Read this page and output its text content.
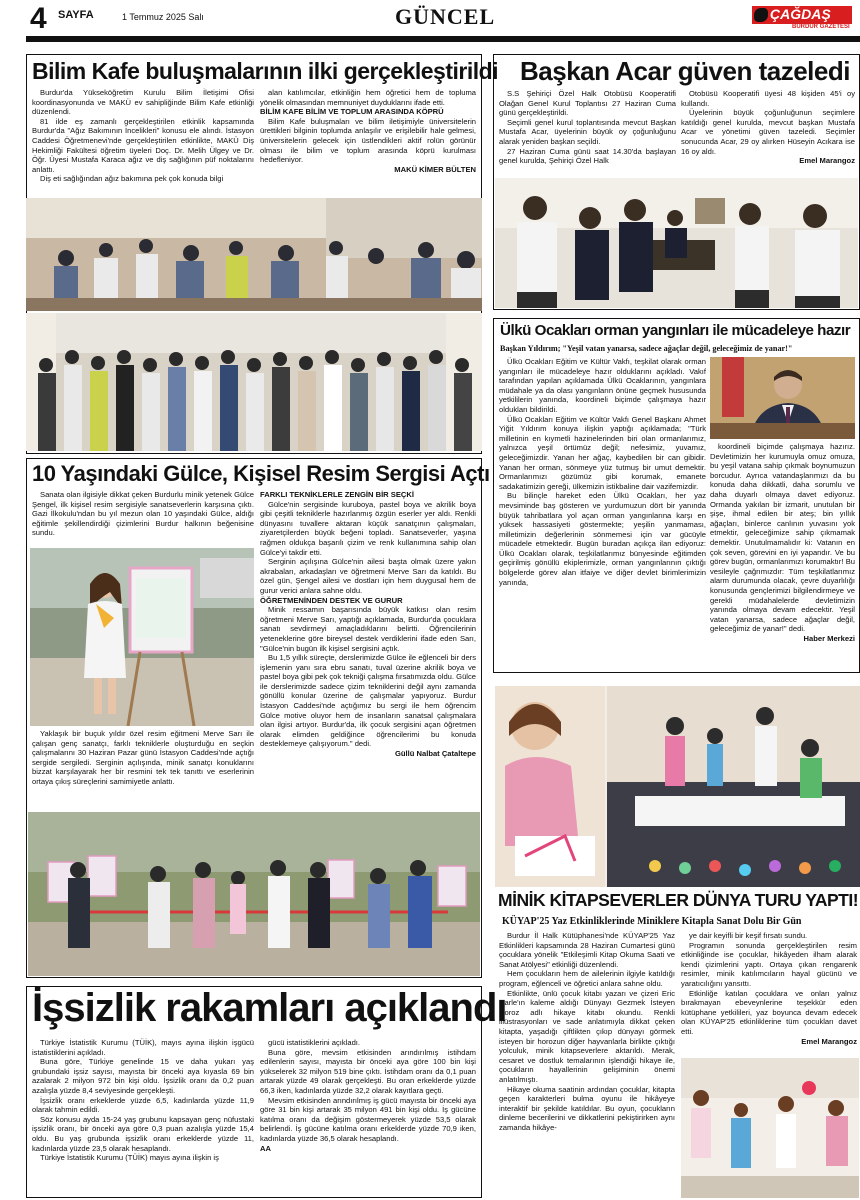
4 SAYFA	1 Temmuz 2025 Salı	GÜNCEL	ÇAĞDAŞ
BURDUR GAZETESİ
Bilim Kafe buluşmalarının ilki gerçekleştirildi

Burdur'da Yükseköğretim Kurulu Bilim İletişimi Ofisi koordinasyonunda ve MAKÜ ev sahipliğinde Bilim Kafe etkinliği düzenlendi.

81 ilde eş zamanlı gerçekleştirilen etkinlik kapsamında Burdur'da "Ağız Bakımının İncelikleri" konusu ele alındı. İstasyon Caddesi Öğretmenevi'nde gerçekleştirilen etkinlikte, MAKÜ Diş Hekimliği Fakültesi öğretim üyeleri Doç. Dr. Melih Ülgey ve Dr. Öğr. Üyesi Mustafa Karaca ağız ve diş sağlığının püf noktalarını anlattı.

Diş eti sağlığından ağız bakımına pek çok konuda bilgi

alan katılımcılar, etkinliğin hem öğretici hem de topluma yönelik olmasından memnuniyet duyduklarını ifade etti.

BİLİM KAFE BİLİM VE TOPLUM ARASINDA KÖPRÜ

Bilim Kafe buluşmaları ve bilim iletişimiyle üniversitelerin ürettikleri bilginin toplumda anlaşılır ve erişilebilir hale gelmesi, üniversitelerin gelecek için üstlendikleri aktif rolün görünür olması ile bilim ve toplum arasında köprü kurulması hedefleniyor.

MAKÜ KİMER BÜLTEN
Başkan Acar güven tazeledi

S.S Şehiriçi Özel Halk Otobüsü Kooperatifi Olağan Genel Kurul Toplantısı 27 Haziran Cuma günü gerçekleştirildi.

Seçimli genel kurul toplantısında mevcut Başkan Mustafa Acar, üyelerinin büyük oy çoğunluğunu alarak yeniden başkan seçildi.

27 Haziran Cuma günü saat 14.30'da başlayan genel kurulda, Şehiriçi Özel Halk

Otobüsü Kooperatifi üyesi 48 kişiden 45'i oy kullandı.

Üyelerinin büyük çoğunluğunun seçimlere katıldığı genel kurulda, mevcut başkan Mustafa Acar ve yönetimi güven tazeledi. Seçimler sonucunda Acar, 29 oy alırken Hüseyin Acıkara ise 16 oy aldı.

Emel Marangoz
Ülkü Ocakları orman yangınları ile mücadeleye hazır
Başkan Yıldırım; "Yeşil vatan yanarsa, sadece ağaçlar değil, geleceğimiz de yanar!"

Ülkü Ocakları Eğitim ve Kültür Vakfı, teşkilat olarak orman yangınları ile mücadeleye hazır olduklarını açıkladı. Vakıf tarafından yapılan açıklamada Ülkü Ocaklarının, yangınlara müdahale ya da olası yangınların önüne geçmek hususunda yetkililerin yanında, koordineli biçimde çalışmaya hazır oldukları bildirildi.

Ülkü Ocakları Eğitim ve Kültür Vakfı Genel Başkanı Ahmet Yiğit Yıldırım konuya ilişkin yaptığı açıklamada; "Türk milletinin en kıymetli hazinelerinden biri olan ormanlarımız, yalnızca yeşil örtümüz değil; nefesimiz, yuvamız, geleceğimizdir. Yanan her ağaç, kaybedilen bir can gibidir. Yanan her orman, sönmeye yüz tutmuş bir umut demektir. Ormanlarımızı gözümüz gibi korumak, emanete sadakatimizin gereği, ülkemizin istikbaline dair vazifemizdir.

Bu bilinçle hareket eden Ülkü Ocakları, her yaz mevsiminde baş gösteren ve yurdumuzun dört bir yanında büyük tahribatlara yol açan orman yangınlarına karşı en yüksek hassasiyeti göstermekte; yeşilin yanmaması, milletimizin değerlerinin sönmemesi için var gücüyle mücadele etmektedir. Bugün buradan açıkça ilan ediyoruz: Ülkü Ocakları olarak, teşkilatlarımız bünyesinde eğitimden geçirilmiş gönüllü ekiplerimizle, orman yangınlarının çıktığı bölgelerde görev alan itfaiye ve diğer devlet birimlerimizin yanında,

koordineli biçimde çalışmaya hazırız. Devletimizin her kurumuyla omuz omuza, bu yeşil vatana sahip çıkmak boynumuzun borcudur. Ayrıca vatandaşlarımızı da bu konuda daha dikkatli, daha sorumlu ve daha duyarlı olmaya davet ediyoruz. Ormanda yakılan bir izmarit, unutulan bir şişe, ihmal edilen bir ateş; bin yıllık ağaçları, binlerce canlının yuvasını yok etmektir, geleceğimize sahip çıkmamak demektir. Unutulmamalıdır ki: Vatanın en çok seven, görevini en iyi yapandır. Ve bu görev bugün, ormanlarımızı korumaktır! Bu vesileyle çağrımızdır: Tüm teşkilatlarımız alarm durumunda olacak, çevre duyarlılığı konusunda gençlerimizi bilgilendirmeye ve gerekli müdahalelerde devletimizin yanında olmaya devam edecektir. Yeşil vatan yanarsa, sadece ağaçlar değil, geleceğimiz de yanar!" dedi.

Haber Merkezi
10 Yaşındaki Gülce, Kişisel Resim Sergisi Açtı

Sanata olan ilgisiyle dikkat çeken Burdurlu minik yetenek Gülce Şengel, ilk kişisel resim sergisiyle sanatseverlerin karşısına çıktı. Gazi İlkokulu'ndan bu yıl mezun olan 10 yaşındaki Gülce, aldığı eğitimle şekillendirdiği çizimlerini Burdur halkının beğenisine sundu.

Yaklaşık bir buçuk yıldır özel resim eğitmeni Merve Sarı ile çalışan genç sanatçı, farklı tekniklerle oluşturduğu en seçkin çalışmalarını 30 Haziran Pazar günü İstasyon Caddesi'nde açtığı sergide sergiledi. Serginin açılışında, minik sanatçı konuklarını bizzat karşılayarak her bir resmini tek tek tanıttı ve eserlerinin ortaya çıkış süreçlerini samimiyetle anlattı.

FARKLI TEKNİKLERLE ZENGİN BİR SEÇKİ

Gülce'nin sergisinde kuruboya, pastel boya ve akrilik boya gibi çeşitli tekniklerle hazırlanmış özgün eserler yer aldı. Renkli dünyasını tuvallere aktaran küçük sanatçının çalışmaları, ziyaretçilerden büyük beğeni topladı. Sanatseverler, yaşına rağmen oldukça başarılı çizim ve renk kullanımına sahip olan Gülce'yi takdir etti.

Serginin açılışına Gülce'nin ailesi başta olmak üzere yakın akrabaları, arkadaşları ve öğretmeni Merve Sarı da katıldı. Bu özel gün, Şengel ailesi ve dostları için hem duygusal hem de gurur verici anlara sahne oldu.

ÖĞRETMENİNDEN DESTEK VE GURUR

Minik ressamın başarısında büyük katkısı olan resim öğretmeni Merve Sarı, yaptığı açıklamada, Burdur'da çocuklara sanatı sevdirmeyi amaçladıklarını belirtti. Öğrencilerinin yeteneklerine göre bireysel destek verdiklerini ifade eden Sarı, "Gülce'nin bugün ilk kişisel sergisini açtık.

Bu 1,5 yıllık süreçte, derslerimizde Gülce ile eğlenceli bir ders işlemenin yanı sıra ebru sanatı, tuval üzerine akrilik boya ve pastel boya gibi pek çok tekniği çalışma fırsatımızda oldu. Gülce ile derslerimizde sadece çizim tekniklerini değil aynı zamanda gönüllü konular üzerine de çalışmalar yapıyoruz. Burdur İstasyon Caddesi'nde açtığımız bu sergi ile hem öğrencim Gülce motive oluyor hem de insanların sanatsal çalışmalara olan ilgisi artıyor. Burdur'da, ilk çocuk sergisini açan öğretmen olarak elimden geldiğince öğrencilerimi bu konuda desteklemeye çalışıyorum." dedi.

Güllü Nalbat Çataltepe
MİNİK KİTAPSEVERLER DÜNYA TURU YAPTI!
KÜYAP'25 Yaz Etkinliklerinde Miniklere Kitapla Sanat Dolu Bir Gün

Burdur İl Halk Kütüphanesi'nde KÜYAP'25 Yaz Etkinlikleri kapsamında 28 Haziran Cumartesi günü çocuklara yönelik "Etkileşimli Kitap Okuma Saati ve Sanat Atölyesi" etkinliği düzenlendi.

Hem çocukların hem de ailelerinin ilgiyle katıldığı program, eğlenceli ve öğretici anlara sahne oldu.

Etkinlikte, ünlü çocuk kitabı yazarı ve çizeri Eric Carle'ın kaleme aldığı Dünyayı Gezmek İsteyen Horoz adlı hikaye kitabı okundu. Renkli illüstrasyonları ve sade anlatımıyla dikkat çeken kitapta, yaşadığı çiftlikten çıkıp dünyayı görmek isteyen bir horozun diğer hayvanlarla birlikte çıktığı yolculuk, minik kitapseverlere aktarıldı. Merak, cesaret ve dostluk temalarının işlendiği hikaye ile, çocukların hayallerinin gelişiminin önemi anlatılmıştı.

Hikaye okuma saatinin ardından çocuklar, kitapta geçen karakterleri bulma oyunu ile hikâyeye interaktif bir şekilde katıldılar. Bu oyun, çocukların dinleme becerilerini ve dikkatlerini pekiştirirken aynı zamanda hikâye-

ye dair keyifli bir keşif fırsatı sundu.

Programın sonunda gerçekleştirilen resim etkinliğinde ise çocuklar, hikâyeden ilham alarak kendi çizimlerini yaptı. Ortaya çıkan rengarenk resimler, minik katılımcıların hayal gücünü ve yaratıcılığını yansıttı.

Etkinliğe katılan çocuklara ve onları yalnız bırakmayan ebeveynlerine teşekkür eden kütüphane yetkilileri, yaz boyunca devam edecek olan KÜYAP'25 etkinliklerine tüm çocukları davet etti.

Emel Marangoz
İşsizlik rakamları açıklandı

Türkiye İstatistik Kurumu (TÜİK), mayıs ayına ilişkin işgücü istatistiklerini açıkladı.

Buna göre, Türkiye genelinde 15 ve daha yukarı yaş grubundaki işsiz sayısı, mayısta bir önceki aya kıyasla 69 bin azalarak 2 milyon 972 bin kişi oldu. İşsizlik oranı da 0,2 puan azalışla yüzde 8,4 seviyesinde gerçekleşti.

İşsizlik oranı erkeklerde yüzde 6,5, kadınlarda yüzde 11,9 olarak tahmin edildi.

Söz konusu ayda 15-24 yaş grubunu kapsayan genç nüfustaki işsizlik oranı, bir önceki aya göre 0,3 puan azalışla yüzde 15,4 oldu. Bu yaş grubunda işsizlik oranı erkeklerde yüzde 11, kadınlarda yüzde 23,5 olarak hesaplandı.

Türkiye İstatistik Kurumu (TÜİK) mayıs ayına ilişkin iş

gücü istatistiklerini açıkladı.

Buna göre, mevsim etkisinden arındırılmış istihdam edilenlerin sayısı, mayısta bir önceki aya göre 100 bin kişi yükselerek 32 milyon 519 bine çıktı. İstihdam oranı da 0,1 puan artarak yüzde 49 olarak gerçekleşti. Bu oran erkeklerde yüzde 66,3 iken, kadınlarda yüzde 32,2 olarak kayıtlara geçti.

Mevsim etkisinden arındırılmış iş gücü mayısta bir önceki aya göre 31 bin kişi artarak 35 milyon 491 bin kişi oldu. İş gücüne katılma oranı da değişim göstermeyerek yüzde 53,5 olarak belirlendi. İş gücüne katılma oranı erkeklerde yüzde 70,9 iken, kadınlarda yüzde 36,5 olarak hesaplandı.

AA
